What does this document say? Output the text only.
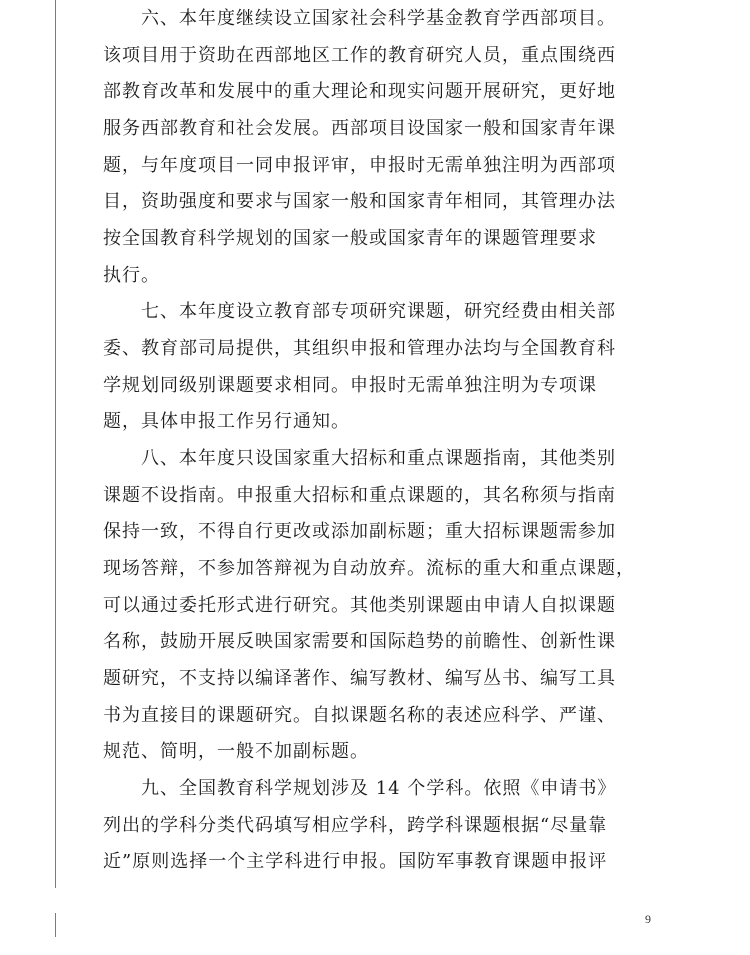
　　六、本年度继续设立国家社会科学基金教育学西部项目。
该项目用于资助在西部地区工作的教育研究人员，重点围绕西
部教育改革和发展中的重大理论和现实问题开展研究，更好地
服务西部教育和社会发展。西部项目设国家一般和国家青年课
题，与年度项目一同申报评审，申报时无需单独注明为西部项
目，资助强度和要求与国家一般和国家青年相同，其管理办法
按全国教育科学规划的国家一般或国家青年的课题管理要求
执行。
　　七、本年度设立教育部专项研究课题，研究经费由相关部
委、教育部司局提供，其组织申报和管理办法均与全国教育科
学规划同级别课题要求相同。申报时无需单独注明为专项课
题，具体申报工作另行通知。
　　八、本年度只设国家重大招标和重点课题指南，其他类别
课题不设指南。申报重大招标和重点课题的，其名称须与指南
保持一致，不得自行更改或添加副标题；重大招标课题需参加
现场答辩，不参加答辩视为自动放弃。流标的重大和重点课题，
可以通过委托形式进行研究。其他类别课题由申请人自拟课题
名称，鼓励开展反映国家需要和国际趋势的前瞻性、创新性课
题研究，不支持以编译著作、编写教材、编写丛书、编写工具
书为直接目的课题研究。自拟课题名称的表述应科学、严谨、
规范、简明，一般不加副标题。
　　九、全国教育科学规划涉及 14 个学科。依照《申请书》
列出的学科分类代码填写相应学科，跨学科课题根据“尽量靠
近”原则选择一个主学科进行申报。国防军事教育课题申报评
9
